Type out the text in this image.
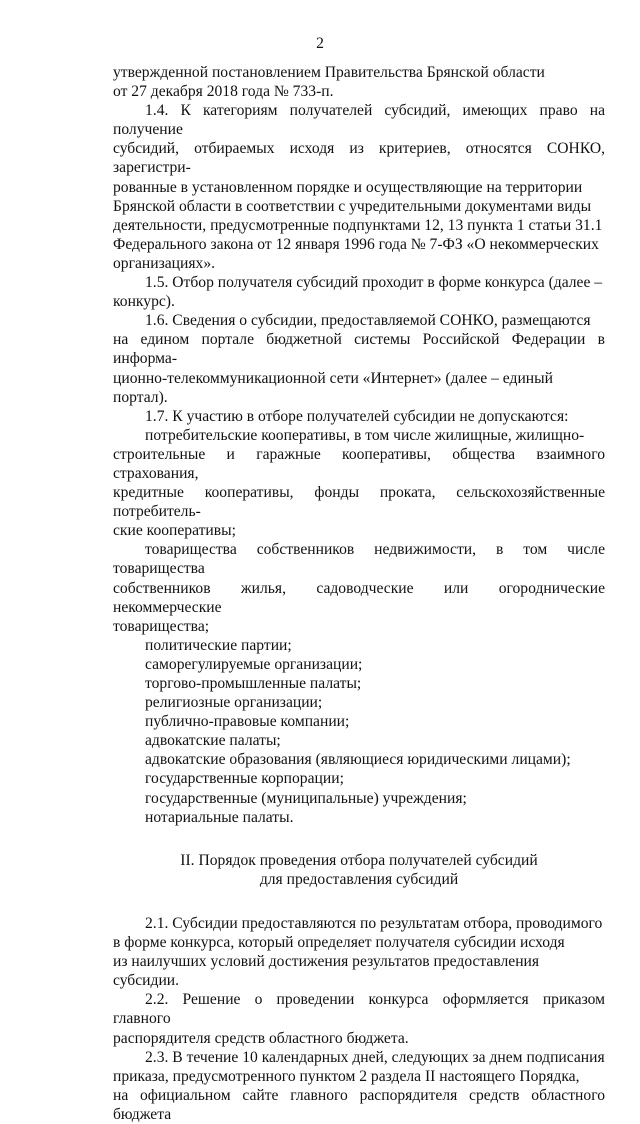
2
утвержденной постановлением Правительства Брянской области
от 27 декабря 2018 года № 733-п.
1.4. К категориям получателей субсидий, имеющих право на получение
субсидий, отбираемых исходя из критериев, относятся СОНКО, зарегистри-
рованные в установленном порядке и осуществляющие на территории
Брянской области в соответствии с учредительными документами виды
деятельности, предусмотренные подпунктами 12, 13 пункта 1 статьи 31.1
Федерального закона от 12 января 1996 года № 7-ФЗ «О некоммерческих
организациях».
1.5. Отбор получателя субсидий проходит в форме конкурса (далее –
конкурс).
1.6. Сведения о субсидии, предоставляемой СОНКО, размещаются
на едином портале бюджетной системы Российской Федерации в информа-
ционно-телекоммуникационной сети «Интернет» (далее – единый портал).
1.7. К участию в отборе получателей субсидии не допускаются:
потребительские кооперативы, в том числе жилищные, жилищно-
строительные и гаражные кооперативы, общества взаимного страхования,
кредитные кооперативы, фонды проката, сельскохозяйственные потребитель-
ские кооперативы;
товарищества собственников недвижимости, в том числе товарищества
собственников жилья, садоводческие или огороднические некоммерческие
товарищества;
политические партии;
саморегулируемые организации;
торгово-промышленные палаты;
религиозные организации;
публично-правовые компании;
адвокатские палаты;
адвокатские образования (являющиеся юридическими лицами);
государственные корпорации;
государственные (муниципальные) учреждения;
нотариальные палаты.
II. Порядок проведения отбора получателей субсидий
для предоставления субсидий
2.1. Субсидии предоставляются по результатам отбора, проводимого
в форме конкурса, который определяет получателя субсидии исходя
из наилучших условий достижения результатов предоставления субсидии.
2.2. Решение о проведении конкурса оформляется приказом главного
распорядителя средств областного бюджета.
2.3. В течение 10 календарных дней, следующих за днем подписания
приказа, предусмотренного пунктом 2 раздела II настоящего Порядка,
на официальном сайте главного распорядителя средств областного бюджета
